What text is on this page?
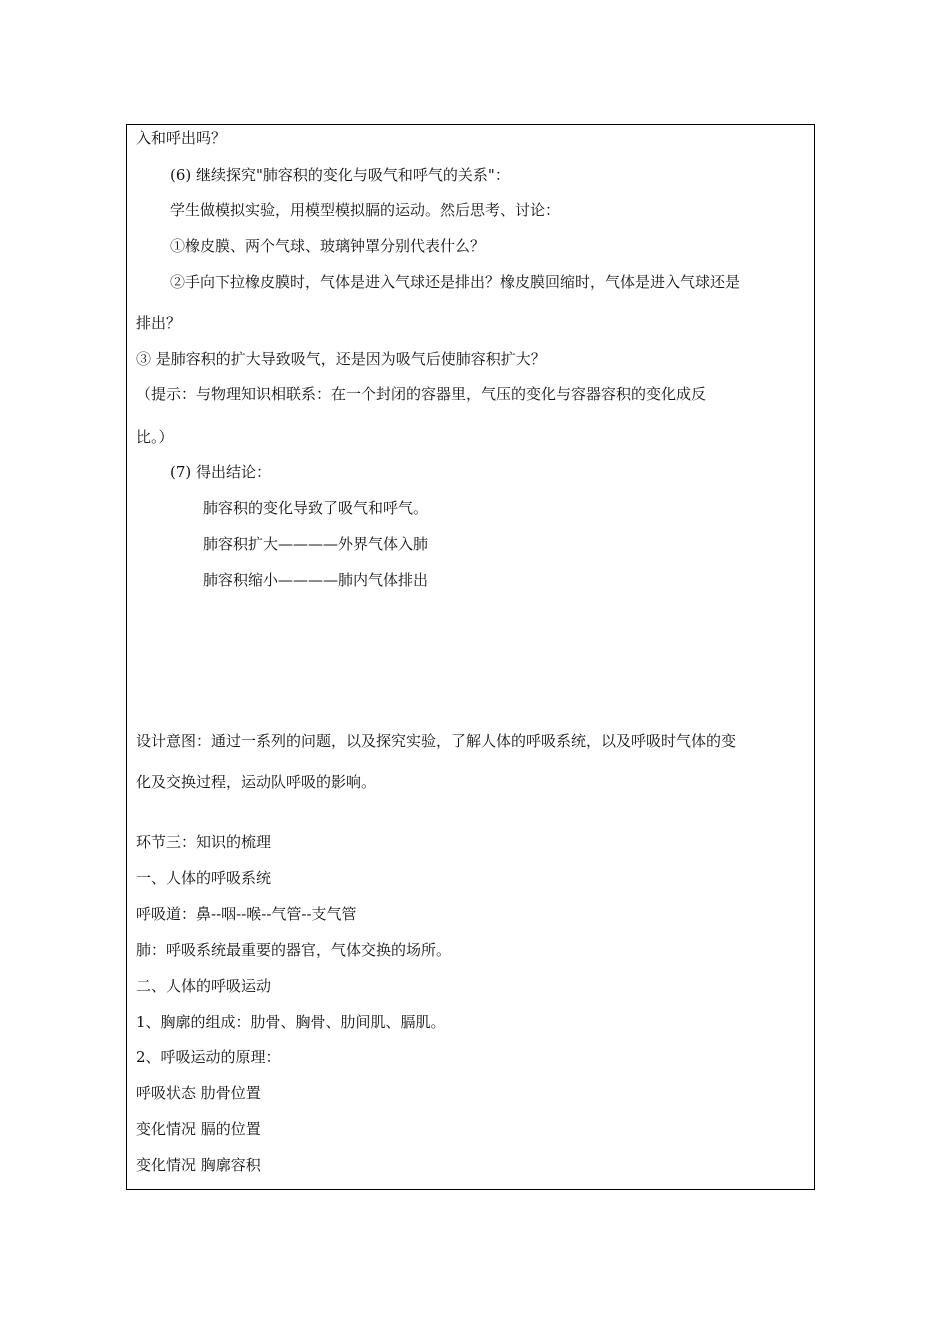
入和呼出吗？
(6) 继续探究"肺容积的变化与吸气和呼气的关系"：
学生做模拟实验，用模型模拟膈的运动。然后思考、讨论：
①橡皮膜、两个气球、玻璃钟罩分别代表什么？
②手向下拉橡皮膜时，气体是进入气球还是排出？橡皮膜回缩时，气体是进入气球还是
排出？
③ 是肺容积的扩大导致吸气，还是因为吸气后使肺容积扩大？
（提示：与物理知识相联系：在一个封闭的容器里，气压的变化与容器容积的变化成反
比。）
(7) 得出结论：
肺容积的变化导致了吸气和呼气。
肺容积扩大————外界气体入肺
肺容积缩小————肺内气体排出
设计意图：通过一系列的问题，以及探究实验，了解人体的呼吸系统，以及呼吸时气体的变
化及交换过程，运动队呼吸的影响。
环节三：知识的梳理
一、人体的呼吸系统
呼吸道：鼻--咽--喉--气管--支气管
肺：呼吸系统最重要的器官，气体交换的场所。
二、人体的呼吸运动
1、胸廓的组成：肋骨、胸骨、肋间肌、膈肌。
2、呼吸运动的原理：
呼吸状态 肋骨位置
变化情况 膈的位置
变化情况 胸廓容积
